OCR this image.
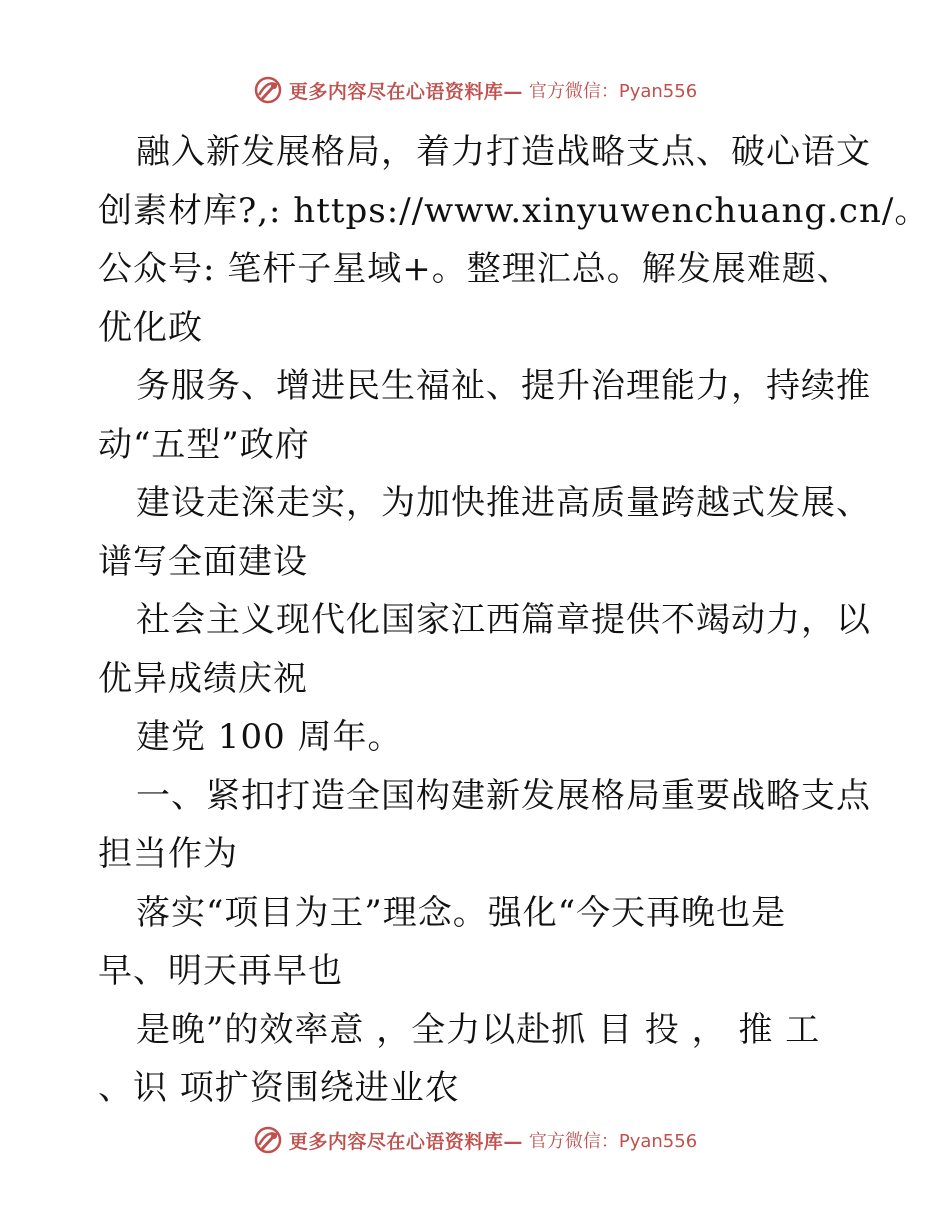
更多内容尽在心语资料库— 官方微信：Pyan556
融入新发展格局，着力打造战略支点、破心语文
创素材库?,: https://www.xinyuwenchuang.cn/。
公众号: 笔杆子星域+。整理汇总。解发展难题、
优化政
务服务、增进民生福祉、提升治理能力，持续推
动“五型”政府
建设走深走实，为加快推进高质量跨越式发展、
谱写全面建设
社会主义现代化国家江西篇章提供不竭动力，以
优异成绩庆祝
建党 100 周年。
一、紧扣打造全国构建新发展格局重要战略支点
担当作为
落实“项目为王”理念。强化“今天再晚也是
早、明天再早也
是晚”的效率意 ，全力以赴抓 目 投 ， 推 工
、识 项扩资围绕进业农
更多内容尽在心语资料库— 官方微信：Pyan556
